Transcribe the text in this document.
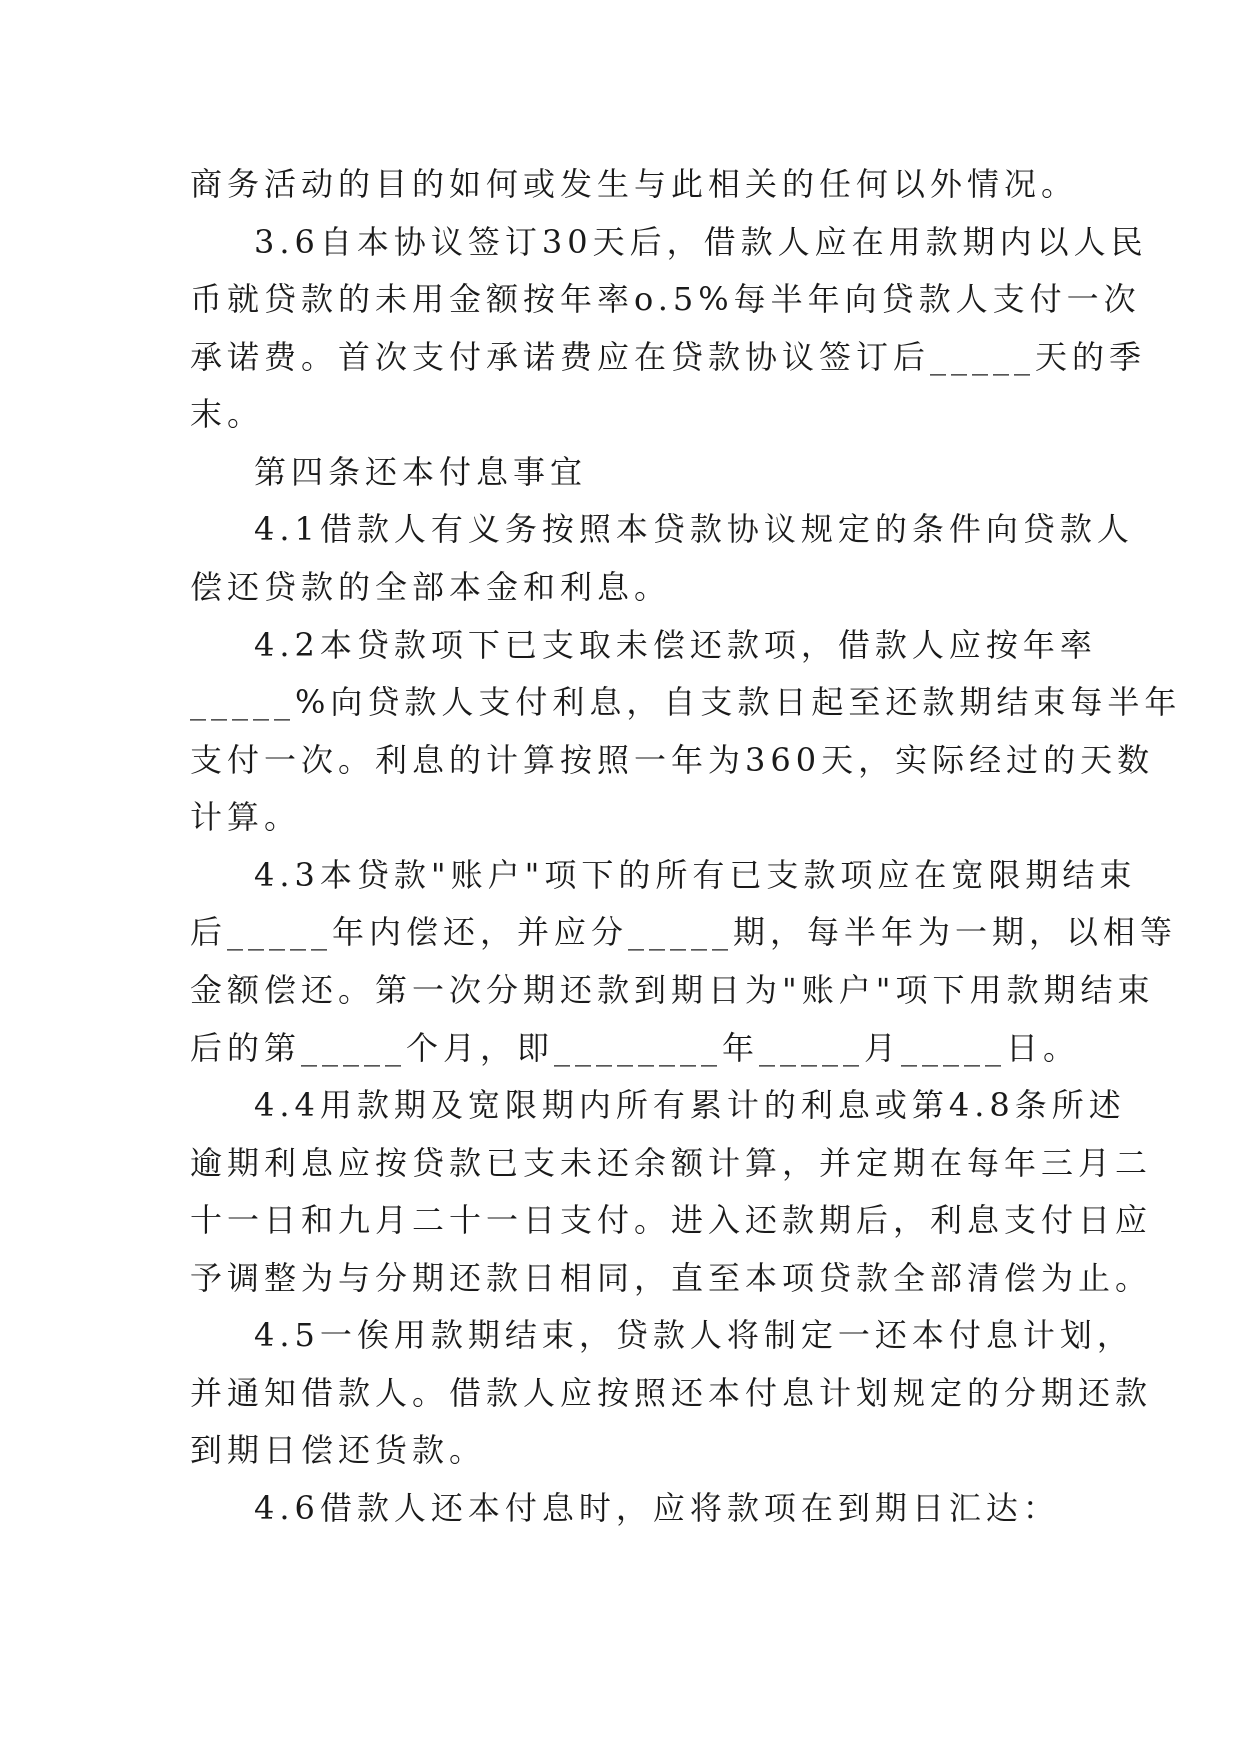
商务活动的目的如何或发生与此相关的任何以外情况。
3.6自本协议签订30天后，借款人应在用款期内以人民
币就贷款的未用金额按年率o.5%每半年向贷款人支付一次
承诺费。首次支付承诺费应在贷款协议签订后_____天的季
末。
第四条还本付息事宜
4.1借款人有义务按照本贷款协议规定的条件向贷款人
偿还贷款的全部本金和利息。
4.2本贷款项下已支取未偿还款项，借款人应按年率
_____%向贷款人支付利息，自支款日起至还款期结束每半年
支付一次。利息的计算按照一年为360天，实际经过的天数
计算。
4.3本贷款"账户"项下的所有已支款项应在宽限期结束
后_____年内偿还，并应分_____期，每半年为一期，以相等
金额偿还。第一次分期还款到期日为"账户"项下用款期结束
后的第_____个月，即________年_____月_____日。
4.4用款期及宽限期内所有累计的利息或第4.8条所述
逾期利息应按贷款已支未还余额计算，并定期在每年三月二
十一日和九月二十一日支付。进入还款期后，利息支付日应
予调整为与分期还款日相同，直至本项贷款全部清偿为止。
4.5一俟用款期结束，贷款人将制定一还本付息计划，
并通知借款人。借款人应按照还本付息计划规定的分期还款
到期日偿还货款。
4.6借款人还本付息时，应将款项在到期日汇达：
